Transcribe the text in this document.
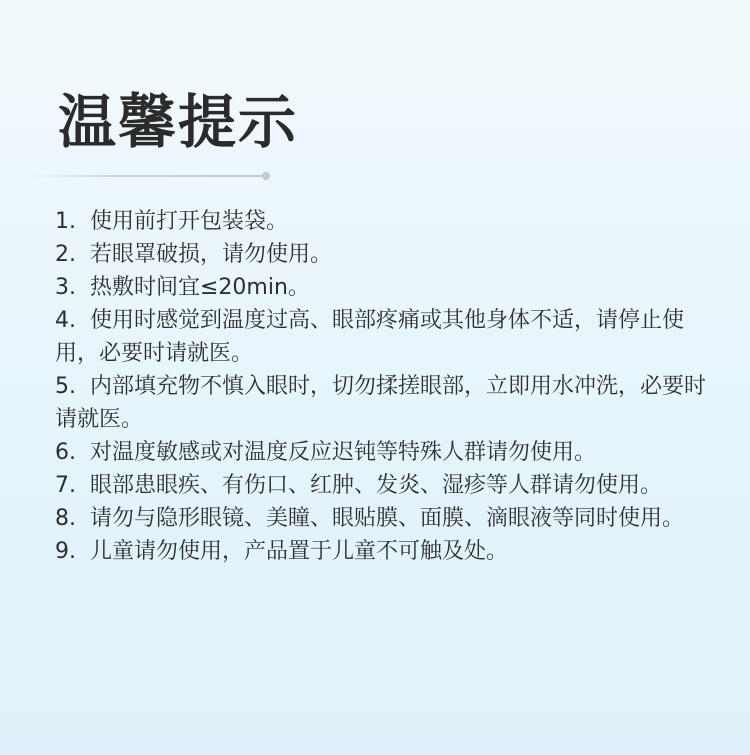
温馨提示
1. 使用前打开包装袋。
2. 若眼罩破损，请勿使用。
3. 热敷时间宜≤20min。
4. 使用时感觉到温度过高、眼部疼痛或其他身体不适，请停止使用，必要时请就医。
5. 内部填充物不慎入眼时，切勿揉搓眼部，立即用水冲洗，必要时请就医。
6. 对温度敏感或对温度反应迟钝等特殊人群请勿使用。
7. 眼部患眼疾、有伤口、红肿、发炎、湿疹等人群请勿使用。
8. 请勿与隐形眼镜、美瞳、眼贴膜、面膜、滴眼液等同时使用。
9. 儿童请勿使用，产品置于儿童不可触及处。
